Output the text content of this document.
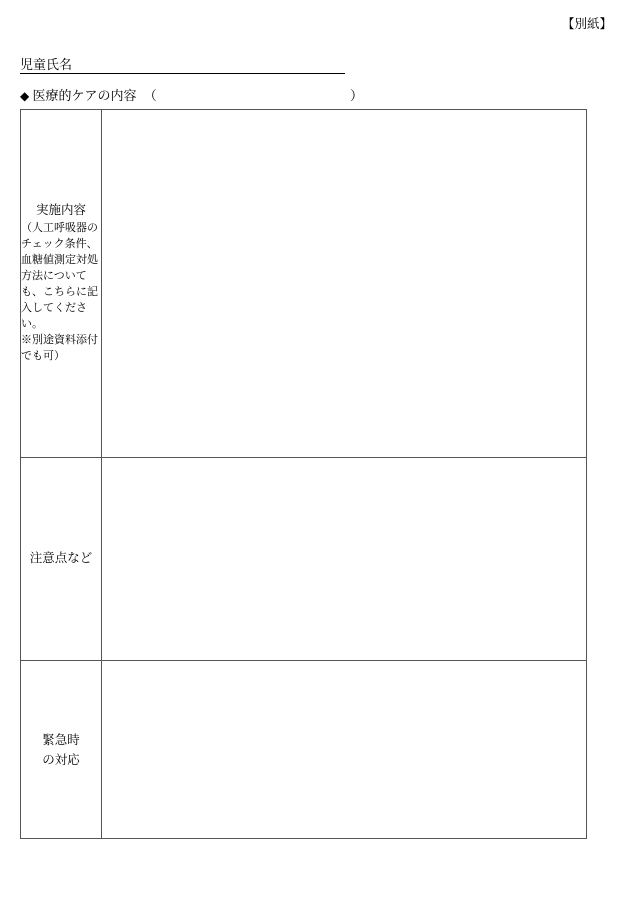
【別紙】
児童氏名
◆ 医療的ケアの内容 （	）
実施内容
（人工呼吸器のチェック条件、血糖値測定対処方法についても、こちらに記入してください。
※別途資料添付でも可）	

注意点など	

緊急時
の対応	
